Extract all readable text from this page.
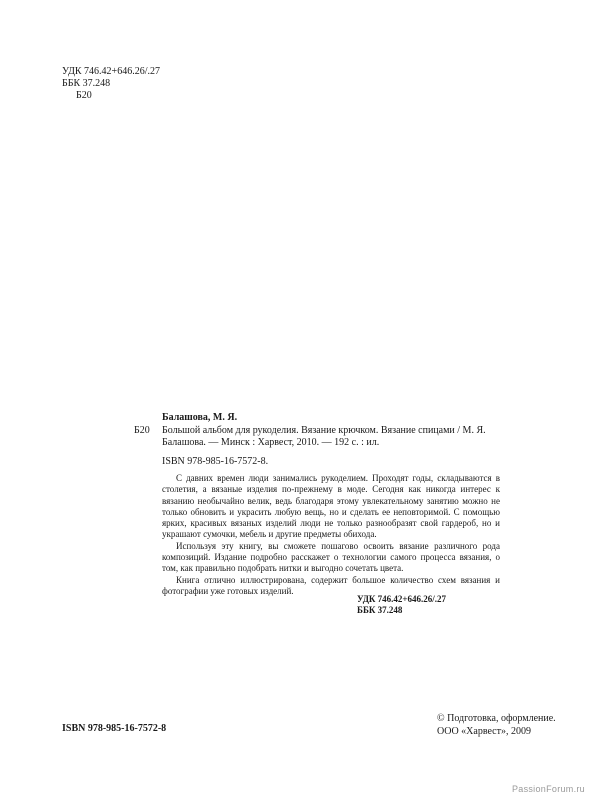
УДК 746.42+646.26/.27
ББК 37.248
Б20
Б20
Балашова, М. Я.
Большой альбом для рукоделия. Вязание крючком. Вязание спицами / М. Я. Балашова. — Минск : Харвест, 2010. — 192 с. : ил.
ISBN 978-985-16-7572-8.

С давних времен люди занимались рукоделием. Проходят годы, складываются в столетия, а вязаные изделия по-прежнему в моде. Сегодня как никогда интерес к вязанию необычайно велик, ведь благодаря этому увлекательному занятию можно не только обновить и украсить любую вещь, но и сделать ее неповторимой. С помощью ярких, красивых вязаных изделий люди не только разнообразят свой гардероб, но и украшают сумочки, мебель и другие предметы обихода.

Используя эту книгу, вы сможете пошагово освоить вязание различного рода композиций. Издание подробно расскажет о технологии самого процесса вязания, о том, как правильно подобрать нитки и выгодно сочетать цвета.

Книга отлично иллюстрирована, содержит большое количество схем вязания и фотографии уже готовых изделий.

УДК 746.42+646.26/.27
ББК 37.248
ISBN 978-985-16-7572-8
© Подготовка, оформление.
ООО «Харвест», 2009
PassionForum.ru
